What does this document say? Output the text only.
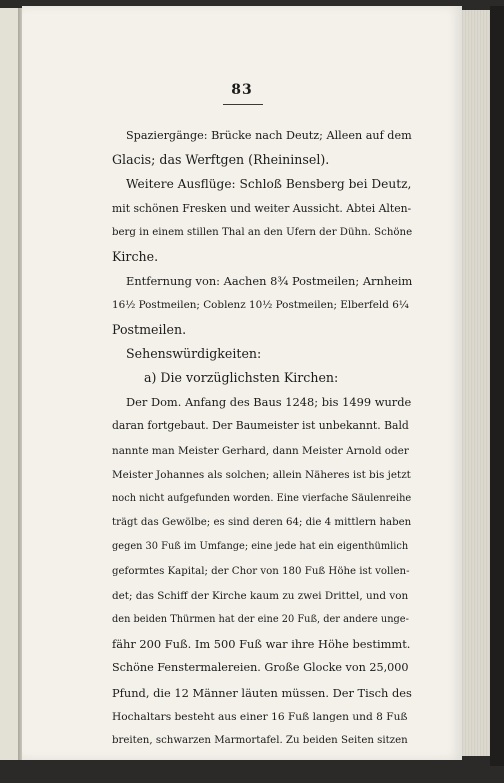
83
Spaziergänge: Brücke nach Deutz; Alleen auf dem
Glacis; das Werftgen (Rheininsel).
Weitere Ausflüge: Schloß Bensberg bei Deutz,
mit schönen Fresken und weiter Aussicht. Abtei Alten-
berg in einem stillen Thal an den Ufern der Dühn. Schöne
Kirche.
Entfernung von: Aachen 8¾ Postmeilen; Arnheim
16½ Postmeilen; Coblenz 10½ Postmeilen; Elberfeld 6¼
Postmeilen.
Sehenswürdigkeiten:
a) Die vorzüglichsten Kirchen:
Der Dom. Anfang des Baus 1248; bis 1499 wurde
daran fortgebaut. Der Baumeister ist unbekannt. Bald
nannte man Meister Gerhard, dann Meister Arnold oder
Meister Johannes als solchen; allein Näheres ist bis jetzt
noch nicht aufgefunden worden. Eine vierfache Säulenreihe
trägt das Gewölbe; es sind deren 64; die 4 mittlern haben
gegen 30 Fuß im Umfange; eine jede hat ein eigenthümlich
geformtes Kapital; der Chor von 180 Fuß Höhe ist vollen-
det; das Schiff der Kirche kaum zu zwei Drittel, und von
den beiden Thürmen hat der eine 20 Fuß, der andere unge-
fähr 200 Fuß. Im 500 Fuß war ihre Höhe bestimmt.
Schöne Fenstermalereien. Große Glocke von 25,000
Pfund, die 12 Männer läuten müssen. Der Tisch des
Hochaltars besteht aus einer 16 Fuß langen und 8 Fuß
breiten, schwarzen Marmortafel. Zu beiden Seiten sitzen
